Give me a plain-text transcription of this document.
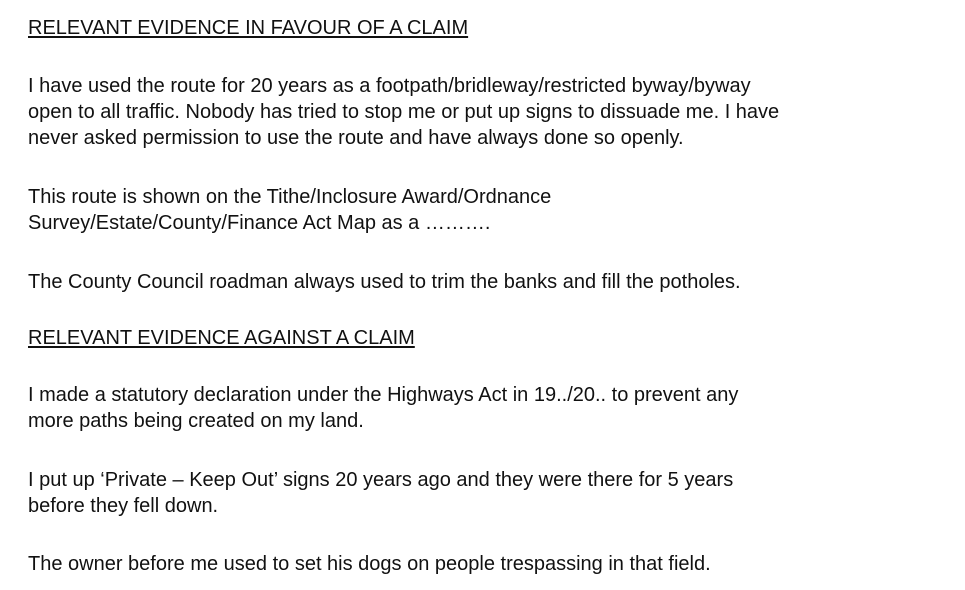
RELEVANT EVIDENCE IN FAVOUR OF A CLAIM

I have used the route for 20 years as a footpath/bridleway/restricted byway/byway
open to all traffic. Nobody has tried to stop me or put up signs to dissuade me. I have
never asked permission to use the route and have always done so openly.

This route is shown on the Tithe/Inclosure Award/Ordnance
Survey/Estate/County/Finance Act Map as a ……….

The County Council roadman always used to trim the banks and fill the potholes.

RELEVANT EVIDENCE AGAINST A CLAIM

I made a statutory declaration under the Highways Act in 19../20.. to prevent any
more paths being created on my land.

I put up ‘Private – Keep Out’ signs 20 years ago and they were there for 5 years
before they fell down.

The owner before me used to set his dogs on people trespassing in that field.
